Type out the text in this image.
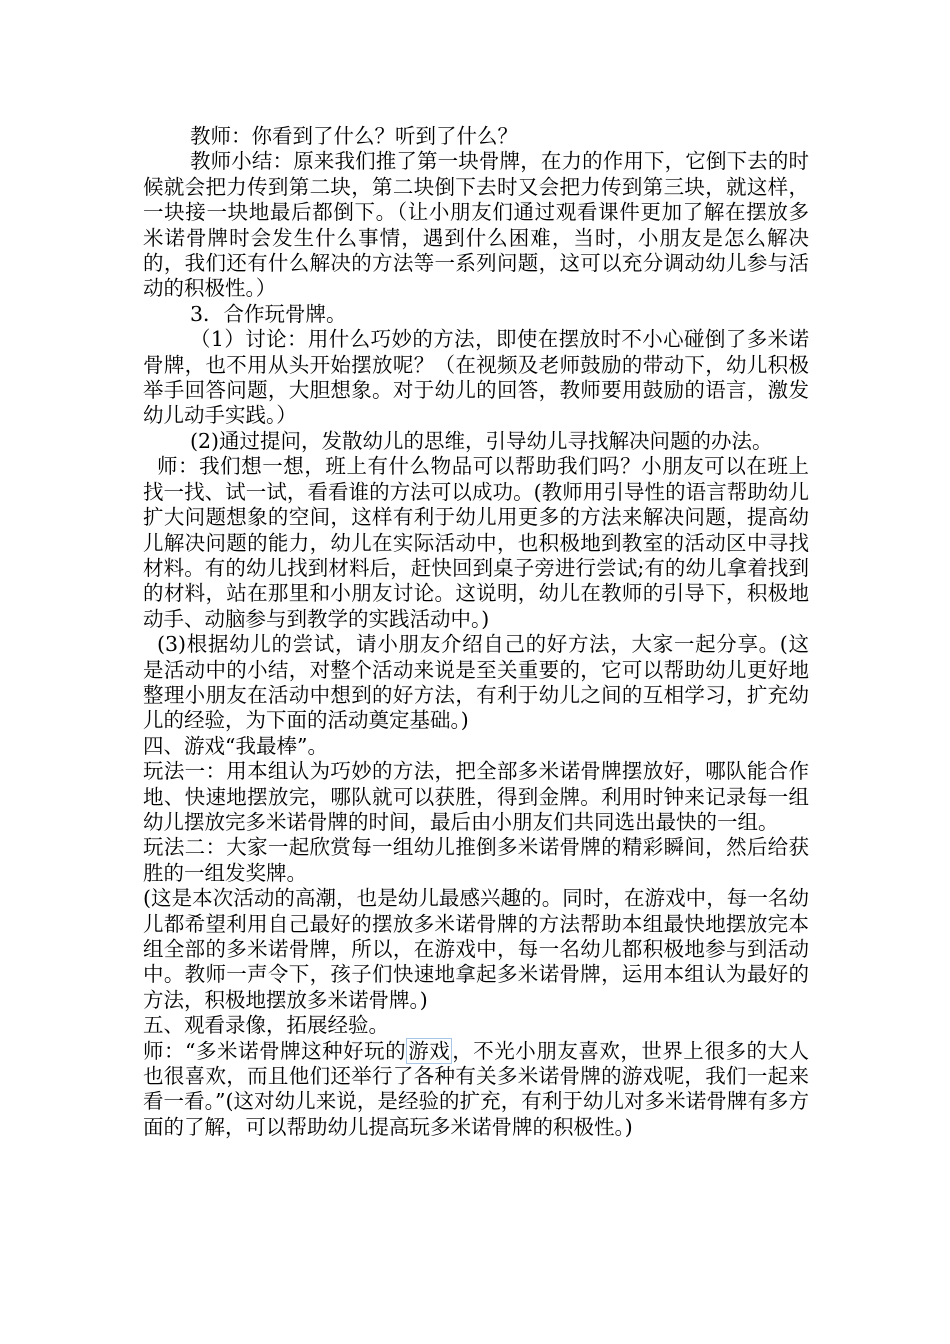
教师：你看到了什么？听到了什么？

教师小结：原来我们推了第一块骨牌，在力的作用下，它倒下去的时候就会把力传到第二块，第二块倒下去时又会把力传到第三块，就这样，一块接一块地最后都倒下。（让小朋友们通过观看课件更加了解在摆放多米诺骨牌时会发生什么事情，遇到什么困难，当时，小朋友是怎么解决的，我们还有什么解决的方法等一系列问题，这可以充分调动幼儿参与活动的积极性。）

3．合作玩骨牌。

（1）讨论：用什么巧妙的方法，即使在摆放时不小心碰倒了多米诺骨牌，也不用从头开始摆放呢？（在视频及老师鼓励的带动下，幼儿积极举手回答问题，大胆想象。对于幼儿的回答，教师要用鼓励的语言，激发幼儿动手实践。）

(2)通过提问，发散幼儿的思维，引导幼儿寻找解决问题的办法。

师：我们想一想，班上有什么物品可以帮助我们吗？小朋友可以在班上找一找、试一试，看看谁的方法可以成功。(教师用引导性的语言帮助幼儿扩大问题想象的空间，这样有利于幼儿用更多的方法来解决问题，提高幼儿解决问题的能力，幼儿在实际活动中，也积极地到教室的活动区中寻找材料。有的幼儿找到材料后，赶快回到桌子旁进行尝试;有的幼儿拿着找到的材料，站在那里和小朋友讨论。这说明，幼儿在教师的引导下，积极地动手、动脑参与到教学的实践活动中。)

(3)根据幼儿的尝试，请小朋友介绍自己的好方法，大家一起分享。(这是活动中的小结，对整个活动来说是至关重要的，它可以帮助幼儿更好地整理小朋友在活动中想到的好方法，有利于幼儿之间的互相学习，扩充幼儿的经验，为下面的活动奠定基础。)

四、游戏“我最棒”。

玩法一：用本组认为巧妙的方法，把全部多米诺骨牌摆放好，哪队能合作地、快速地摆放完，哪队就可以获胜，得到金牌。利用时钟来记录每一组幼儿摆放完多米诺骨牌的时间，最后由小朋友们共同选出最快的一组。

玩法二：大家一起欣赏每一组幼儿推倒多米诺骨牌的精彩瞬间，然后给获胜的一组发奖牌。

(这是本次活动的高潮，也是幼儿最感兴趣的。同时，在游戏中，每一名幼儿都希望利用自己最好的摆放多米诺骨牌的方法帮助本组最快地摆放完本组全部的多米诺骨牌，所以，在游戏中，每一名幼儿都积极地参与到活动中。教师一声令下，孩子们快速地拿起多米诺骨牌，运用本组认为最好的方法，积极地摆放多米诺骨牌。)

五、观看录像，拓展经验。

师：“多米诺骨牌这种好玩的游戏，不光小朋友喜欢，世界上很多的大人也很喜欢，而且他们还举行了各种有关多米诺骨牌的游戏呢，我们一起来看一看。”(这对幼儿来说，是经验的扩充，有利于幼儿对多米诺骨牌有多方面的了解，可以帮助幼儿提高玩多米诺骨牌的积极性。)
